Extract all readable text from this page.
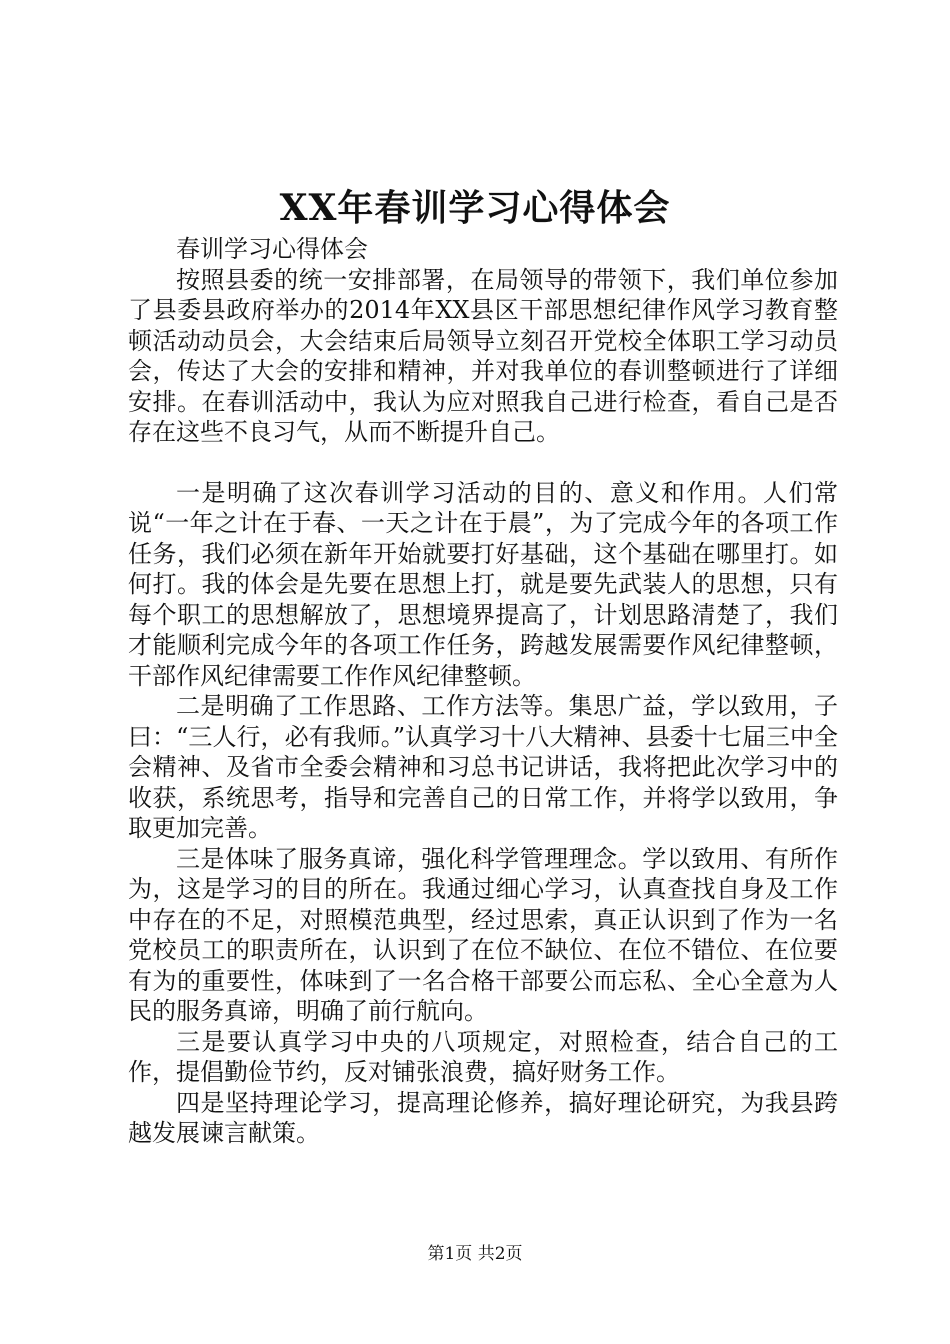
XX年春训学习心得体会

春训学习心得体会

按照县委的统一安排部署，在局领导的带领下，我们单位参加了县委县政府举办的2014年XX县区干部思想纪律作风学习教育整顿活动动员会，大会结束后局领导立刻召开党校全体职工学习动员会，传达了大会的安排和精神，并对我单位的春训整顿进行了详细安排。在春训活动中，我认为应对照我自己进行检查，看自己是否存在这些不良习气，从而不断提升自己。

一是明确了这次春训学习活动的目的、意义和作用。人们常说“一年之计在于春、一天之计在于晨”，为了完成今年的各项工作任务，我们必须在新年开始就要打好基础，这个基础在哪里打。如何打。我的体会是先要在思想上打，就是要先武装人的思想，只有每个职工的思想解放了，思想境界提高了，计划思路清楚了，我们才能顺利完成今年的各项工作任务，跨越发展需要作风纪律整顿，干部作风纪律需要工作作风纪律整顿。

二是明确了工作思路、工作方法等。集思广益，学以致用，子曰：“三人行，必有我师。”认真学习十八大精神、县委十七届三中全会精神、及省市全委会精神和习总书记讲话，我将把此次学习中的收获，系统思考，指导和完善自己的日常工作，并将学以致用，争取更加完善。

三是体味了服务真谛，强化科学管理理念。学以致用、有所作为，这是学习的目的所在。我通过细心学习，认真查找自身及工作中存在的不足，对照模范典型，经过思索，真正认识到了作为一名党校员工的职责所在，认识到了在位不缺位、在位不错位、在位要有为的重要性，体味到了一名合格干部要公而忘私、全心全意为人民的服务真谛，明确了前行航向。

三是要认真学习中央的八项规定，对照检查，结合自己的工作，提倡勤俭节约，反对铺张浪费，搞好财务工作。

四是坚持理论学习，提高理论修养，搞好理论研究，为我县跨越发展谏言献策。

第1页 共2页
